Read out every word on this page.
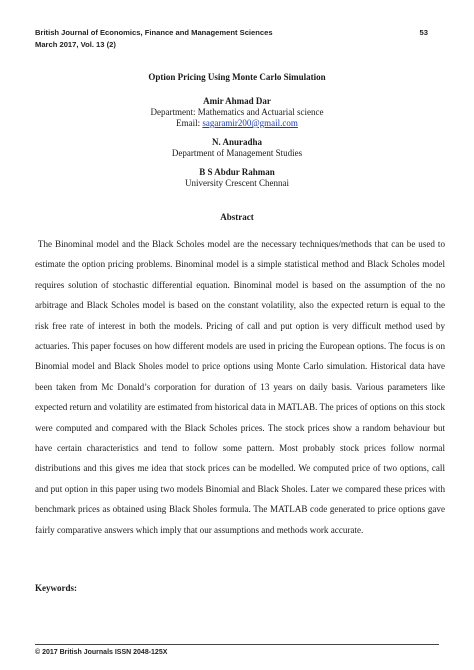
British Journal of Economics, Finance and Management Sciences
March 2017, Vol. 13 (2)
53
Option Pricing Using Monte Carlo Simulation
Amir Ahmad Dar
Department: Mathematics and Actuarial science
Email: sagaramir200@gmail.com
N. Anuradha
Department of Management Studies
B S Abdur Rahman
University Crescent Chennai
Abstract
The Binominal model and the Black Scholes model are the necessary techniques/methods that can be used to estimate the option pricing problems. Binominal model is a simple statistical method and Black Scholes model requires solution of stochastic differential equation. Binominal model is based on the assumption of the no arbitrage and Black Scholes model is based on the constant volatility, also the expected return is equal to the risk free rate of interest in both the models. Pricing of call and put option is very difficult method used by actuaries. This paper focuses on how different models are used in pricing the European options. The focus is on Binomial model and Black Sholes model to price options using Monte Carlo simulation. Historical data have been taken from Mc Donald’s corporation for duration of 13 years on daily basis. Various parameters like expected return and volatility are estimated from historical data in MATLAB. The prices of options on this stock were computed and compared with the Black Scholes prices. The stock prices show a random behaviour but have certain characteristics and tend to follow some pattern. Most probably stock prices follow normal distributions and this gives me idea that stock prices can be modelled. We computed price of two options, call and put option in this paper using two models Binomial and Black Sholes. Later we compared these prices with benchmark prices as obtained using Black Sholes formula. The MATLAB code generated to price options gave fairly comparative answers which imply that our assumptions and methods work accurate.
Keywords:
© 2017 British Journals ISSN 2048-125X
